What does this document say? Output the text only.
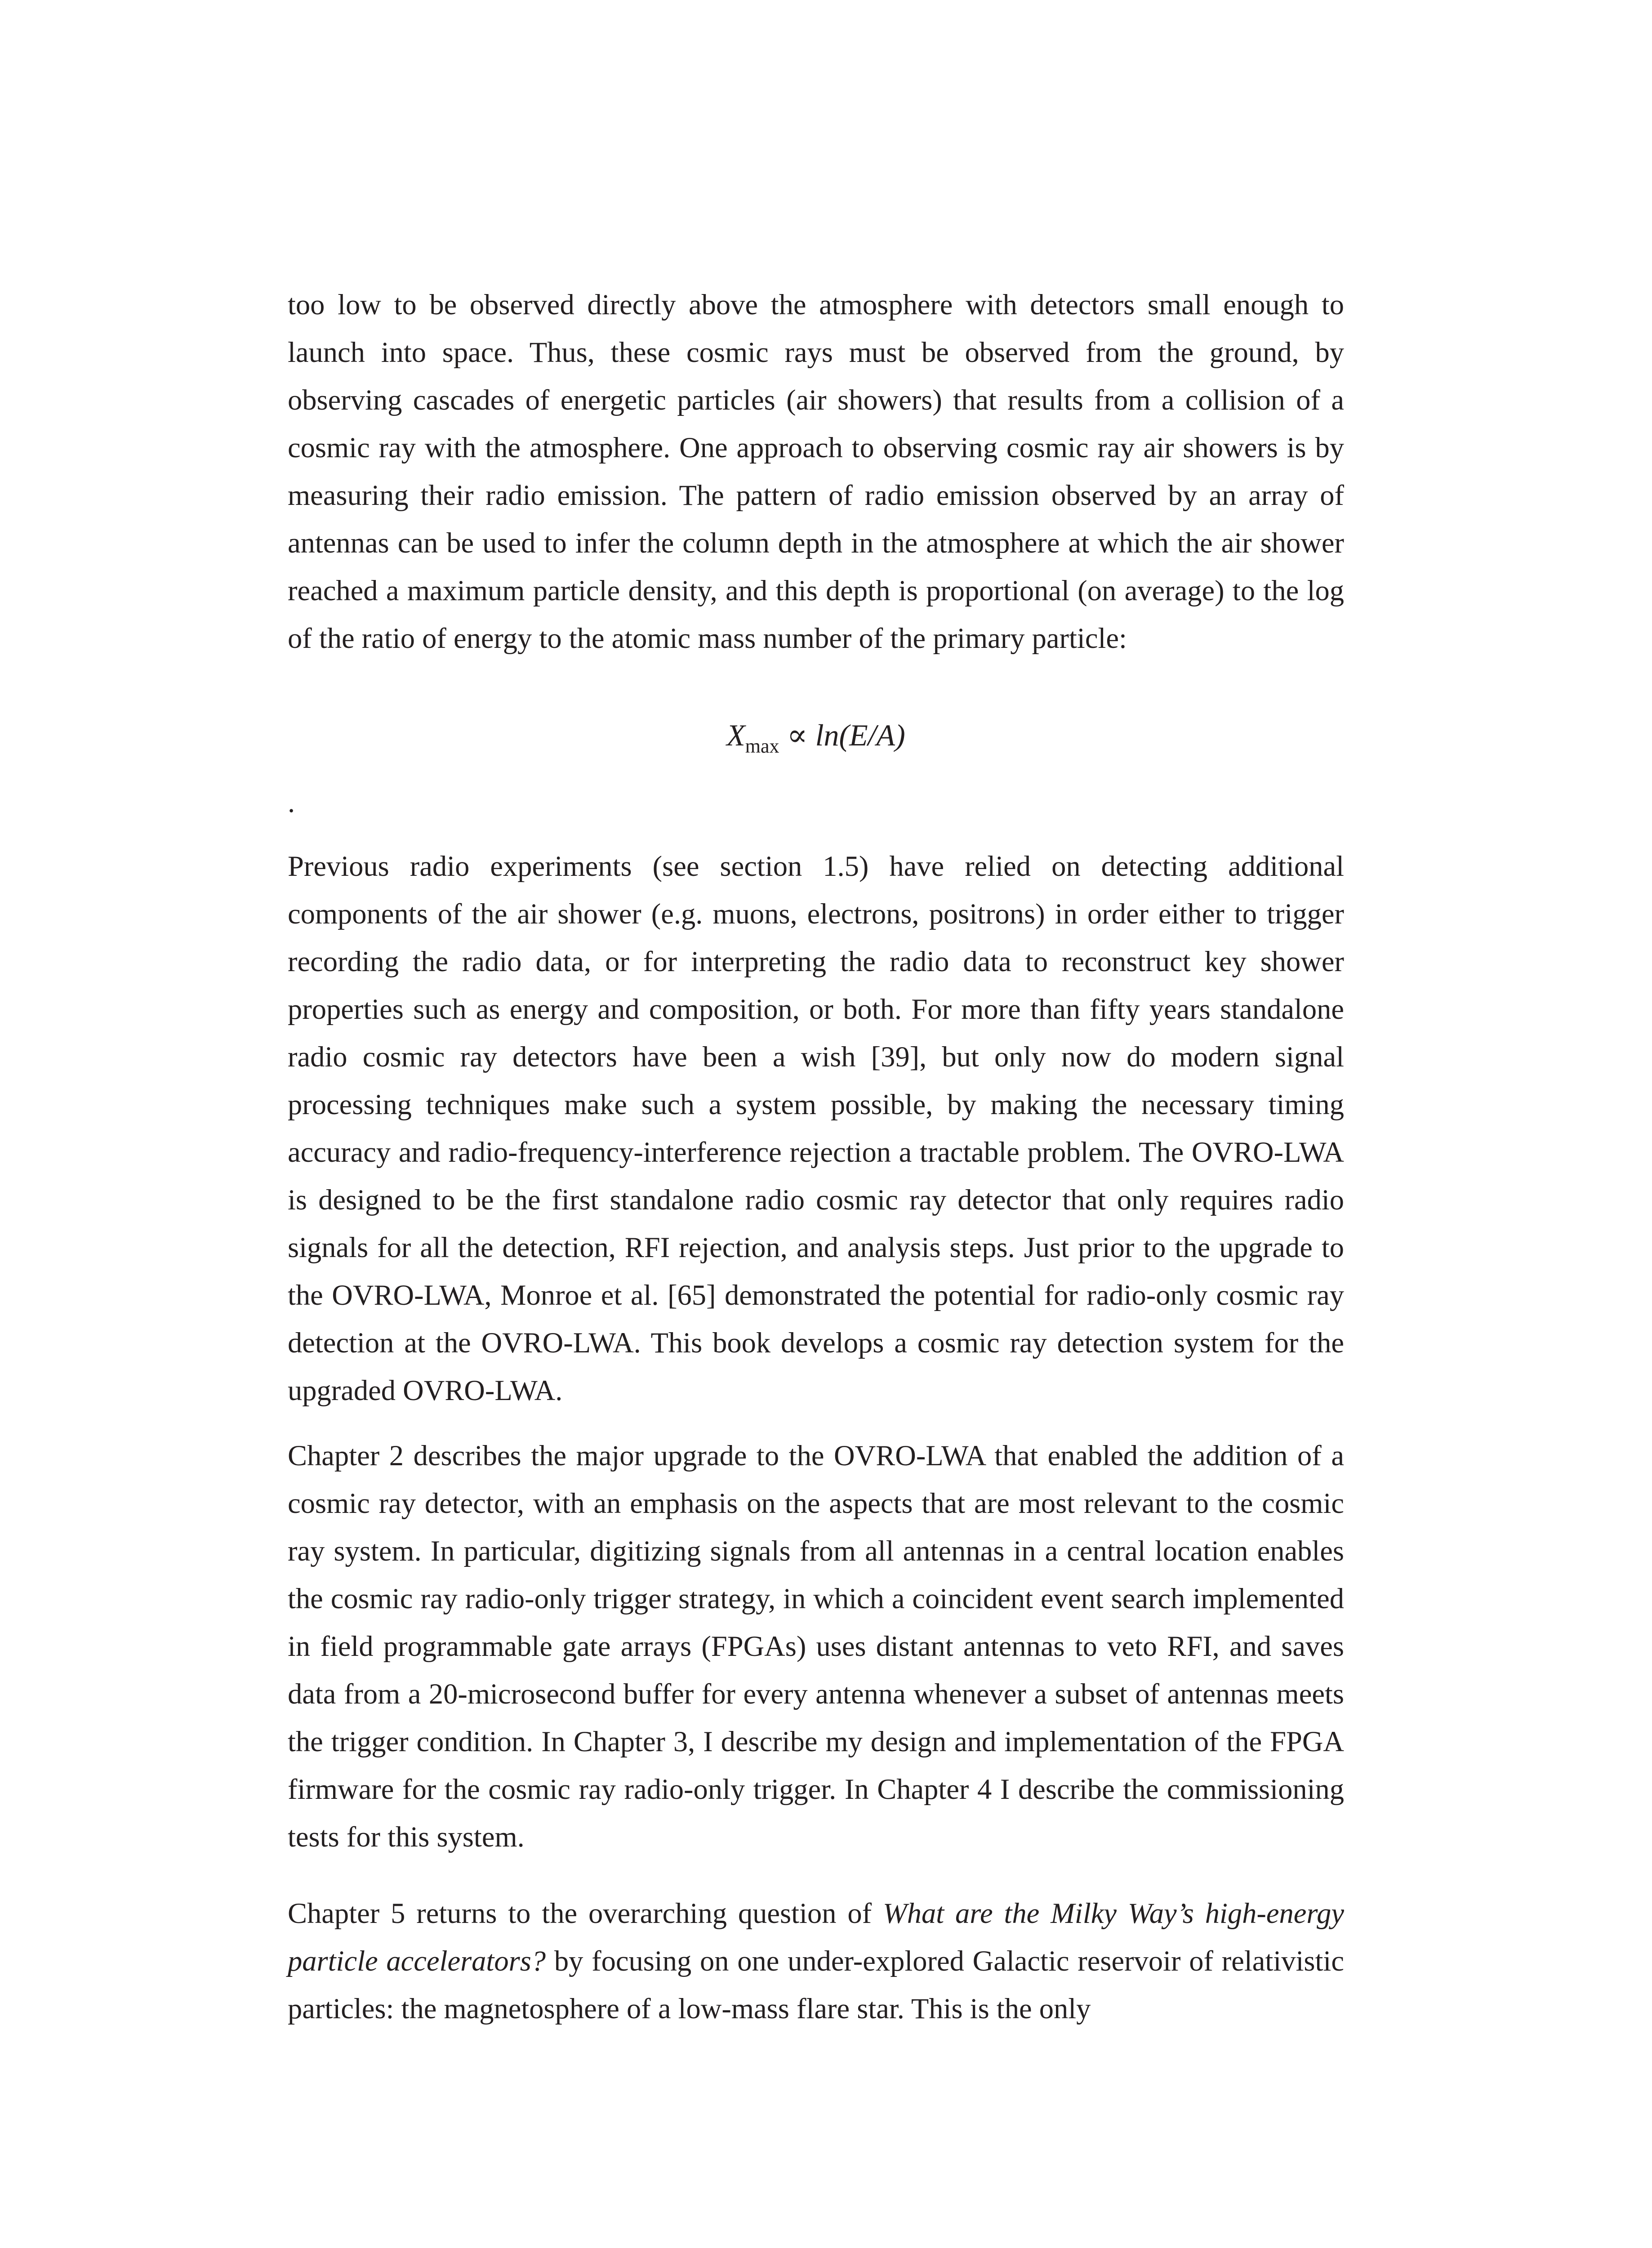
too low to be observed directly above the atmosphere with detectors small enough to launch into space. Thus, these cosmic rays must be observed from the ground, by observing cascades of energetic particles (air showers) that results from a collision of a cosmic ray with the atmosphere. One approach to observing cosmic ray air showers is by measuring their radio emission. The pattern of radio emission observed by an array of antennas can be used to infer the column depth in the atmosphere at which the air shower reached a maximum particle density, and this depth is proportional (on average) to the log of the ratio of energy to the atomic mass number of the primary particle:

$X_{max} \propto \ln(E/A)$
.

Previous radio experiments (see section 1.5) have relied on detecting additional components of the air shower (e.g. muons, electrons, positrons) in order either to trigger recording the radio data, or for interpreting the radio data to reconstruct key shower properties such as energy and composition, or both. For more than fifty years standalone radio cosmic ray detectors have been a wish [39], but only now do modern signal processing techniques make such a system possible, by making the necessary timing accuracy and radio-frequency-interference rejection a tractable problem. The OVRO-LWA is designed to be the first standalone radio cosmic ray detector that only requires radio signals for all the detection, RFI rejection, and analysis steps. Just prior to the upgrade to the OVRO-LWA, Monroe et al. [65] demonstrated the potential for radio-only cosmic ray detection at the OVRO-LWA. This book develops a cosmic ray detection system for the upgraded OVRO-LWA.

Chapter 2 describes the major upgrade to the OVRO-LWA that enabled the addition of a cosmic ray detector, with an emphasis on the aspects that are most relevant to the cosmic ray system. In particular, digitizing signals from all antennas in a central location enables the cosmic ray radio-only trigger strategy, in which a coincident event search implemented in field programmable gate arrays (FPGAs) uses distant antennas to veto RFI, and saves data from a 20-microsecond buffer for every antenna whenever a subset of antennas meets the trigger condition. In Chapter 3, I describe my design and implementation of the FPGA firmware for the cosmic ray radio-only trigger. In Chapter 4 I describe the commissioning tests for this system.

Chapter 5 returns to the overarching question of What are the Milky Way’s high-energy particle accelerators? by focusing on one under-explored Galactic reservoir of relativistic particles: the magnetosphere of a low-mass flare star. This is the only
